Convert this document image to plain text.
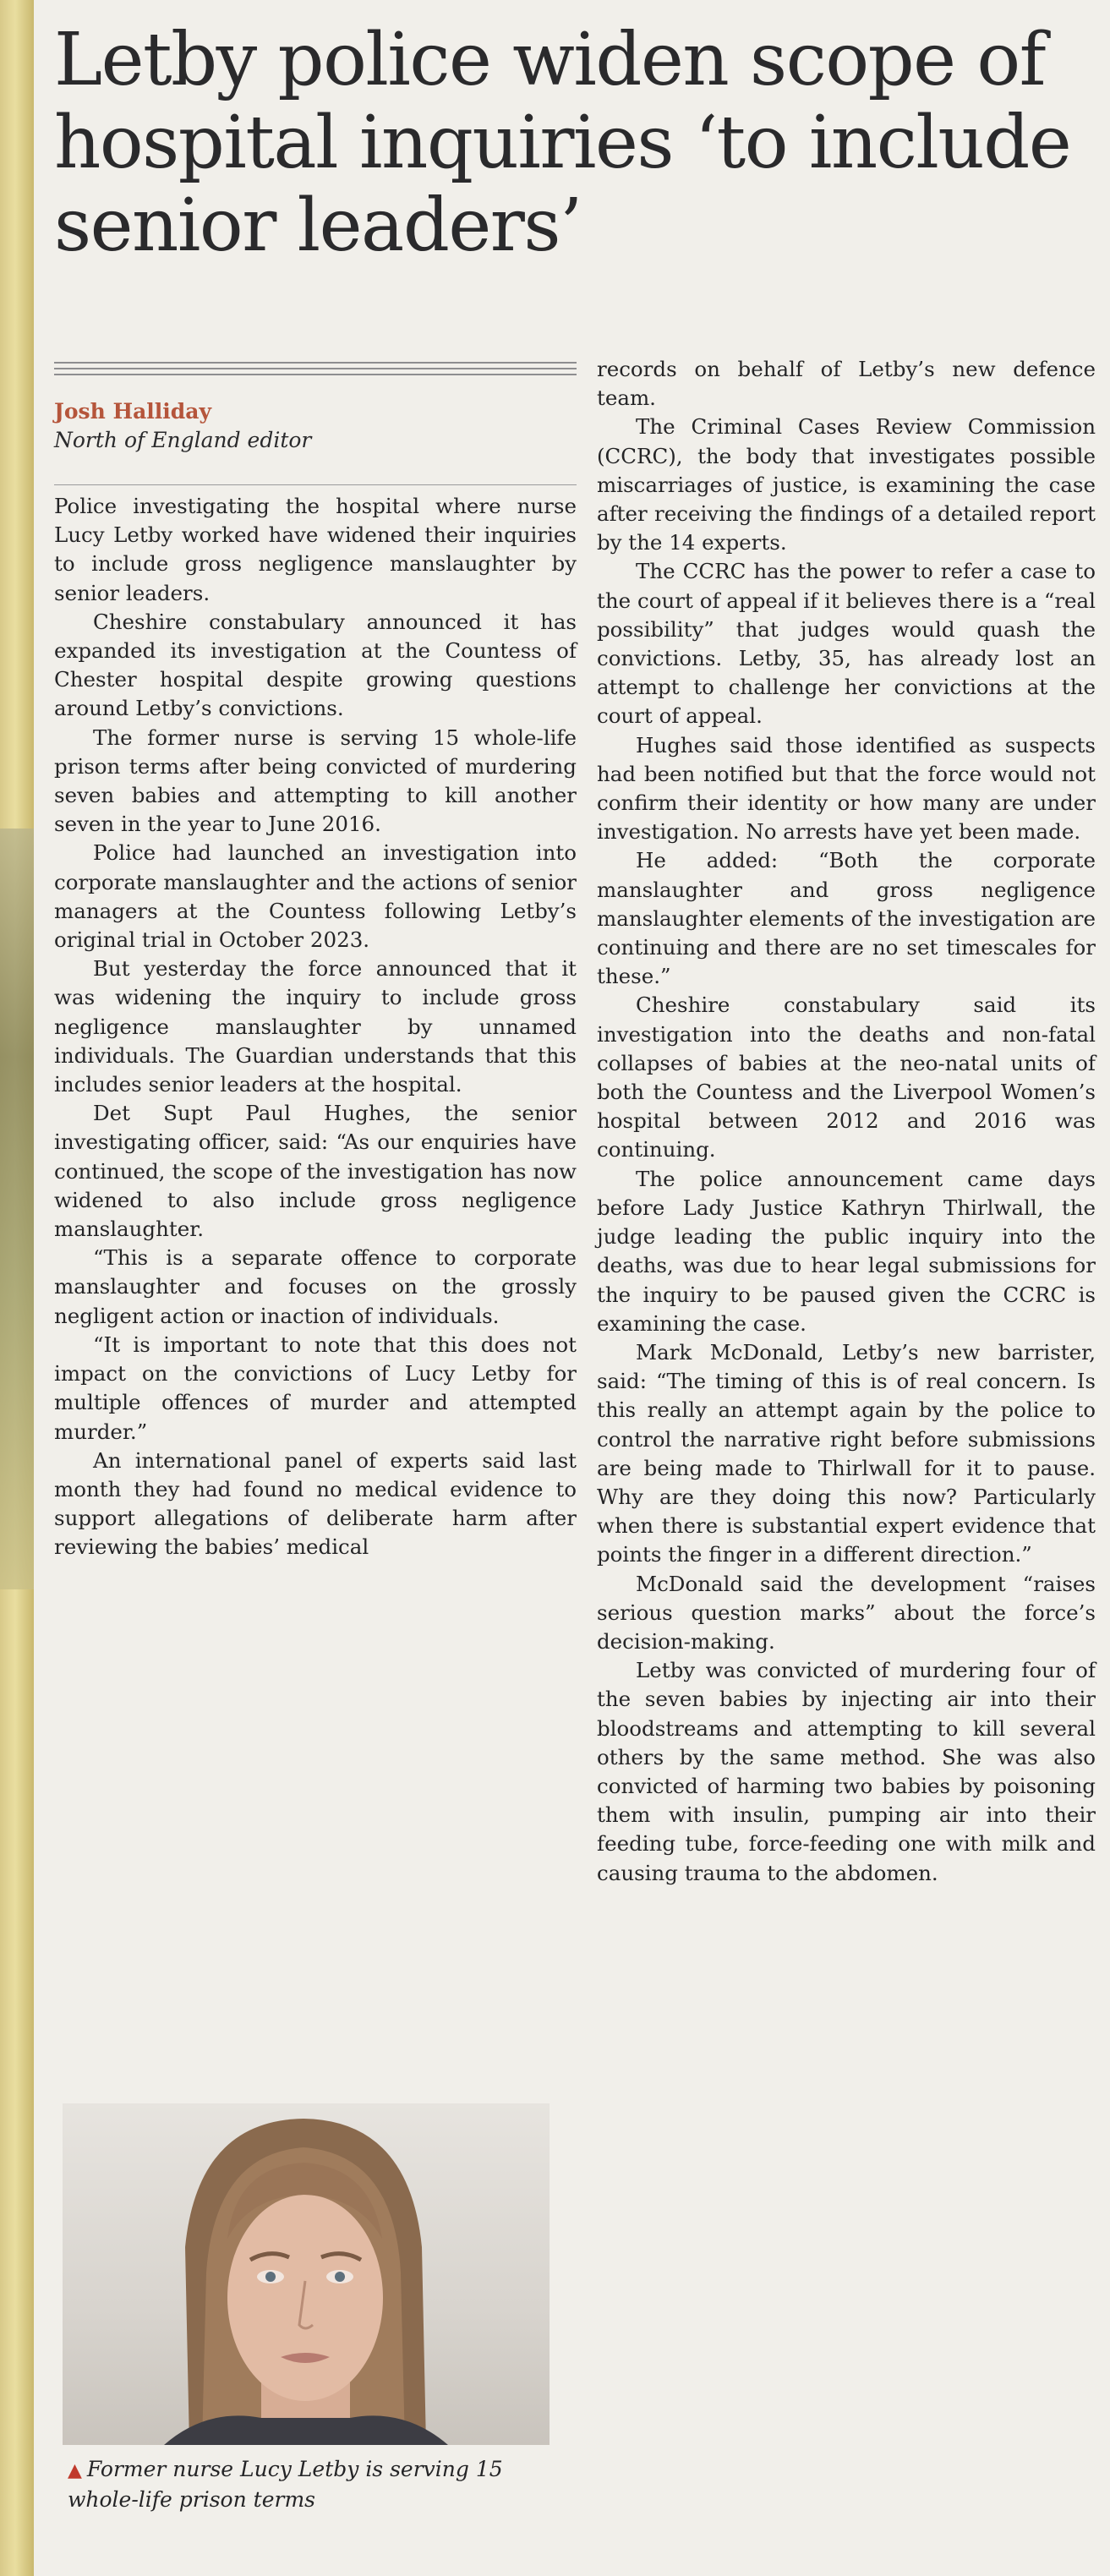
Letby police widen scope of hospital inquiries ‘to include senior leaders’
Josh Halliday
North of England editor

Police investigating the hospital where nurse Lucy Letby worked have widened their inquiries to include gross negligence manslaughter by senior leaders.

Cheshire constabulary announced it has expanded its investigation at the Countess of Chester hospital despite growing questions around Letby’s convictions.

The former nurse is serving 15 whole-life prison terms after being convicted of murdering seven babies and attempting to kill another seven in the year to June 2016.

Police had launched an investigation into corporate manslaughter and the actions of senior managers at the Countess following Letby’s original trial in October 2023.

But yesterday the force announced that it was widening the inquiry to include gross negligence manslaughter by unnamed individuals. The Guardian understands that this includes senior leaders at the hospital.

Det Supt Paul Hughes, the senior investigating officer, said: “As our enquiries have continued, the scope of the investigation has now widened to also include gross negligence manslaughter.

“This is a separate offence to corporate manslaughter and focuses on the grossly negligent action or inaction of individuals.

“It is important to note that this does not impact on the convictions of Lucy Letby for multiple offences of murder and attempted murder.”

An international panel of experts said last month they had found no medical evidence to support allegations of deliberate harm after reviewing the babies’ medical

records on behalf of Letby’s new defence team.

The Criminal Cases Review Commission (CCRC), the body that investigates possible miscarriages of justice, is examining the case after receiving the findings of a detailed report by the 14 experts.

The CCRC has the power to refer a case to the court of appeal if it believes there is a “real possibility” that judges would quash the convictions. Letby, 35, has already lost an attempt to challenge her convictions at the court of appeal.

Hughes said those identified as suspects had been notified but that the force would not confirm their identity or how many are under investigation. No arrests have yet been made.

He added: “Both the corporate manslaughter and gross negligence manslaughter elements of the investigation are continuing and there are no set timescales for these.”

Cheshire constabulary said its investigation into the deaths and non-fatal collapses of babies at the neo-natal units of both the Countess and the Liverpool Women’s hospital between 2012 and 2016 was continuing.

The police announcement came days before Lady Justice Kathryn Thirlwall, the judge leading the public inquiry into the deaths, was due to hear legal submissions for the inquiry to be paused given the CCRC is examining the case.

Mark McDonald, Letby’s new barrister, said: “The timing of this is of real concern. Is this really an attempt again by the police to control the narrative right before submissions are being made to Thirlwall for it to pause. Why are they doing this now? Particularly when there is substantial expert evidence that points the finger in a different direction.”

McDonald said the development “raises serious question marks” about the force’s decision-making.

Letby was convicted of murdering four of the seven babies by injecting air into their bloodstreams and attempting to kill several others by the same method. She was also convicted of harming two babies by poisoning them with insulin, pumping air into their feeding tube, force-feeding one with milk and causing trauma to the abdomen.

▲ Former nurse Lucy Letby is serving 15 whole-life prison terms
